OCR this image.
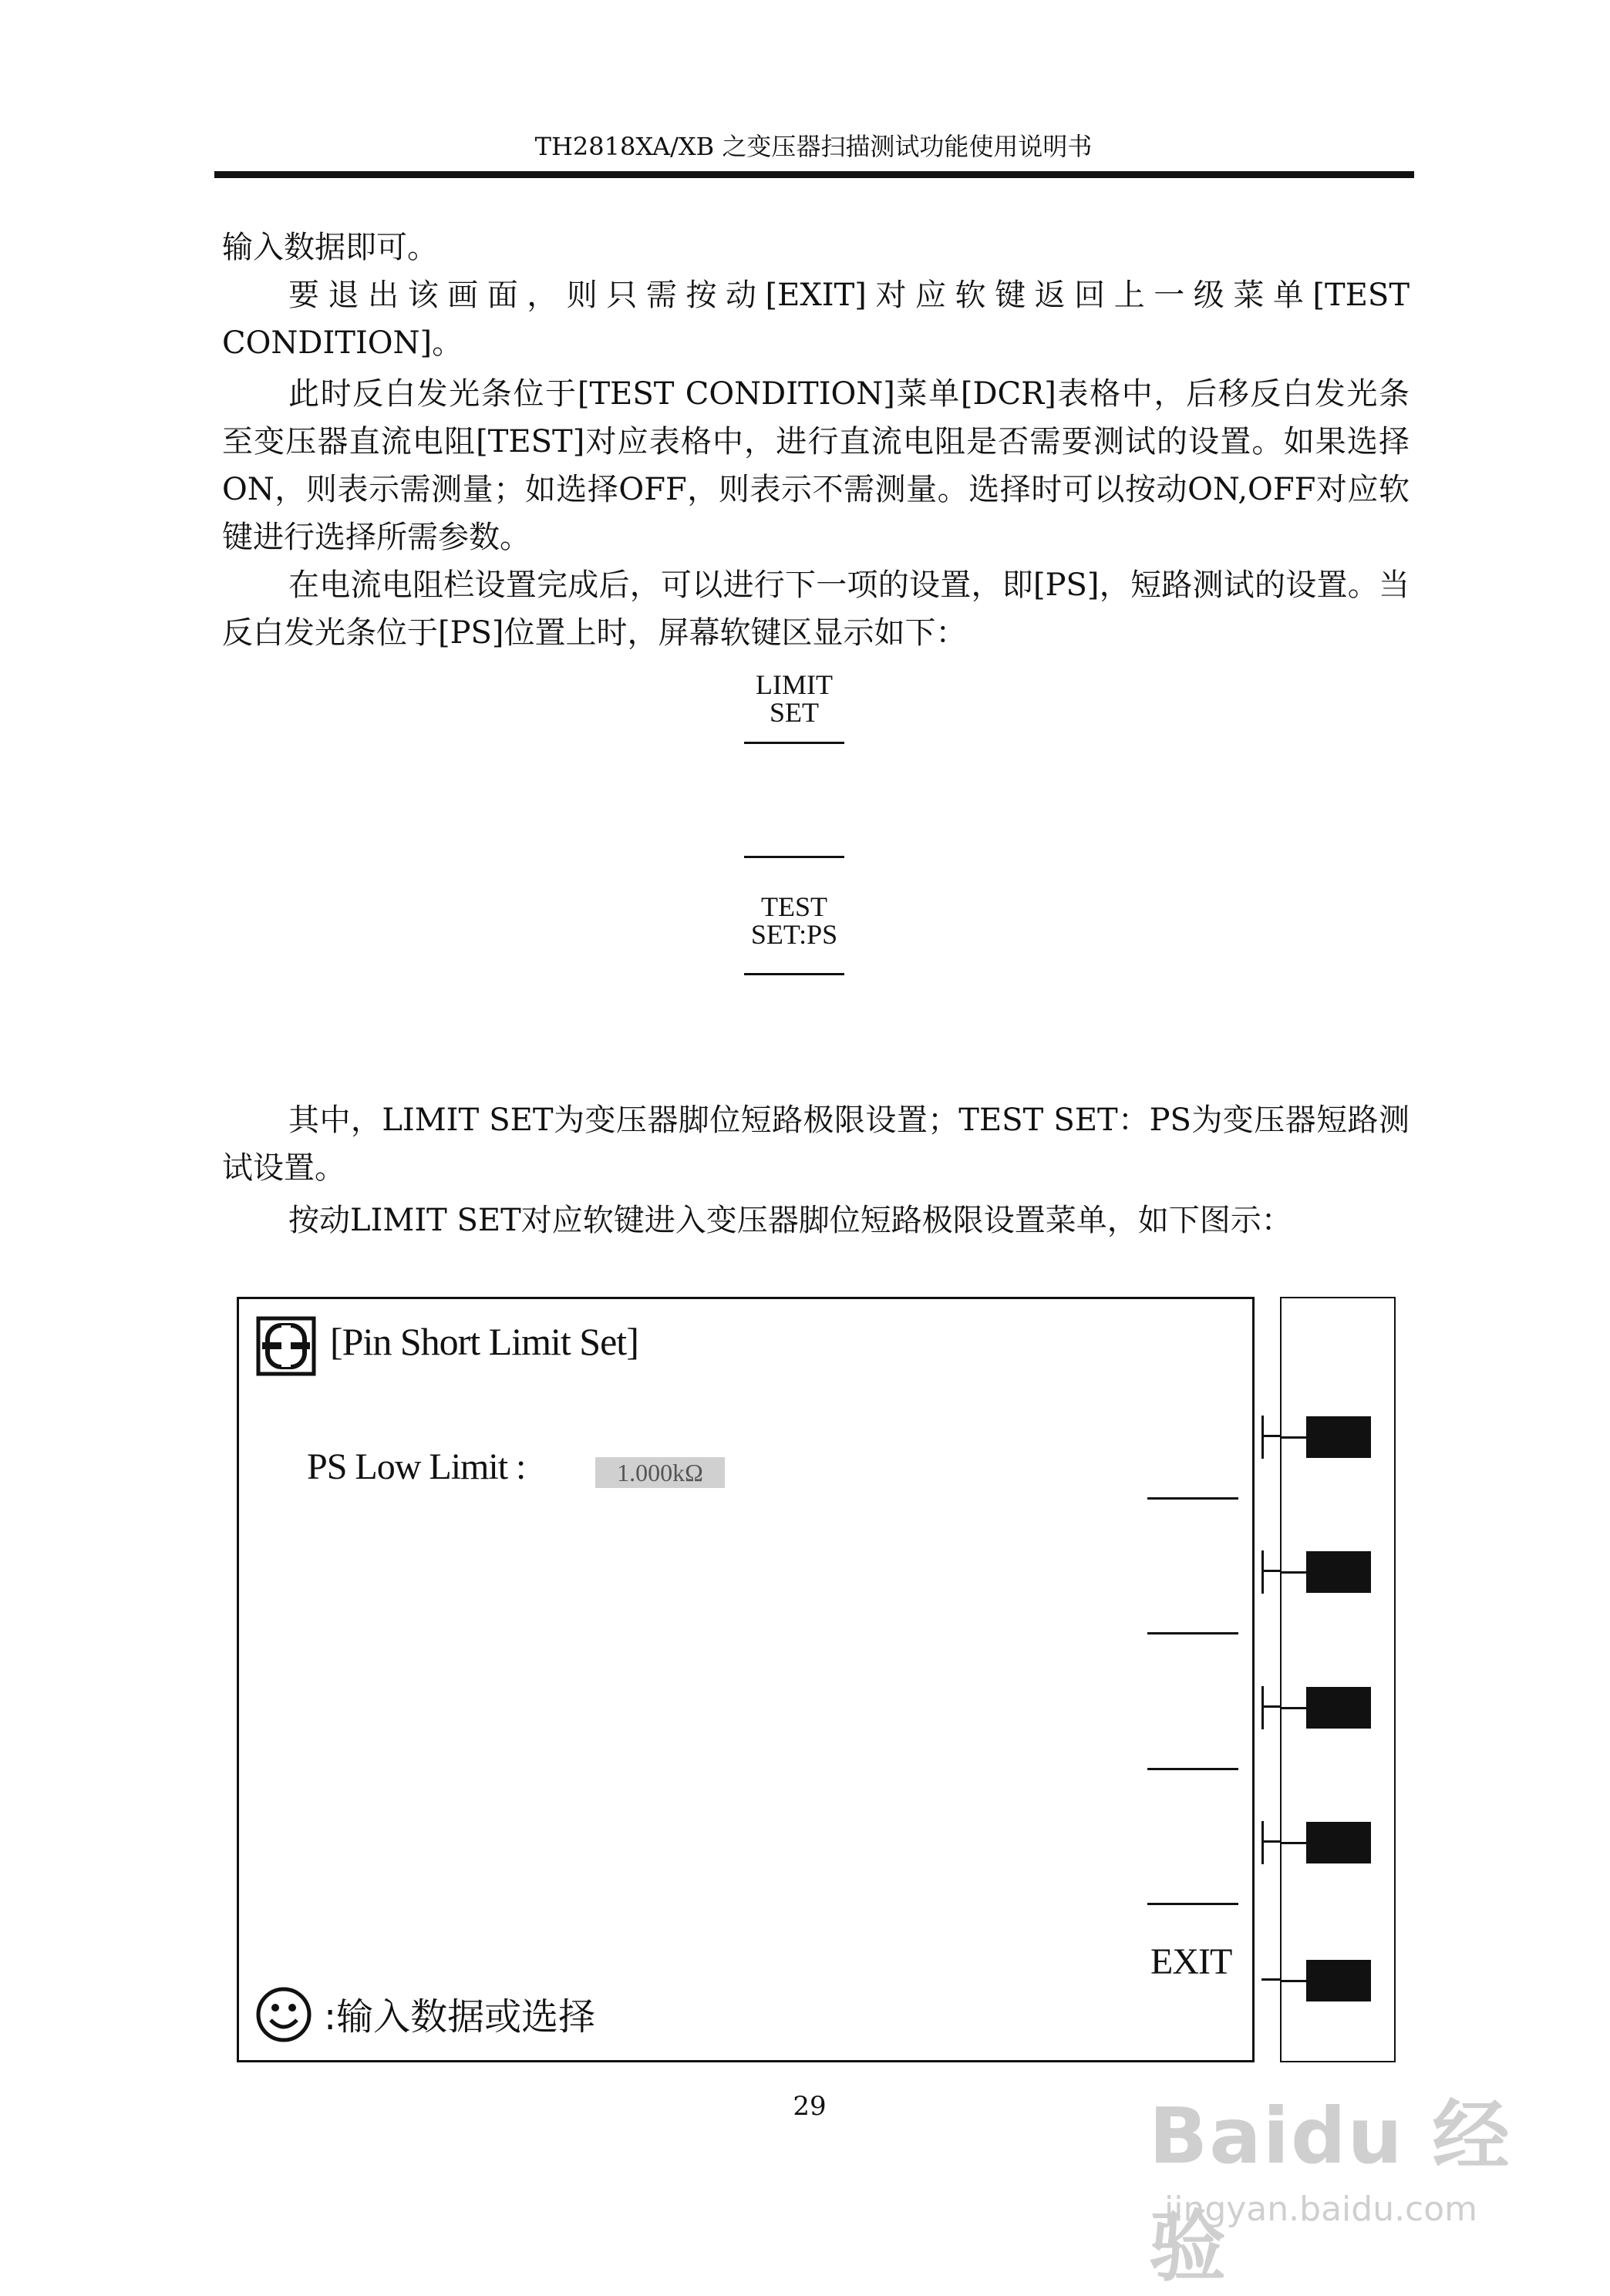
TH2818XA/XB 之变压器扫描测试功能使用说明书

输入数据即可。

要退出该画面，则只需按动[EXIT]对应软键返回上一级菜单[TEST CONDITION]。

此时反白发光条位于[TEST CONDITION]菜单[DCR]表格中，后移反白发光条至变压器直流电阻[TEST]对应表格中，进行直流电阻是否需要测试的设置。如果选择ON，则表示需测量；如选择OFF，则表示不需测量。选择时可以按动ON,OFF对应软键进行选择所需参数。

在电流电阻栏设置完成后，可以进行下一项的设置，即[PS]，短路测试的设置。当反白发光条位于[PS]位置上时，屏幕软键区显示如下：

LIMIT
SET
TEST
SET:PS

其中，LIMIT SET为变压器脚位短路极限设置；TEST SET：PS为变压器短路测试设置。

按动LIMIT SET对应软键进入变压器脚位短路极限设置菜单，如下图示：

[Pin Short Limit Set]
PS Low Limit :	1.000kΩ
EXIT
:输入数据或选择
29	Baidu 经验
jingyan.baidu.com
